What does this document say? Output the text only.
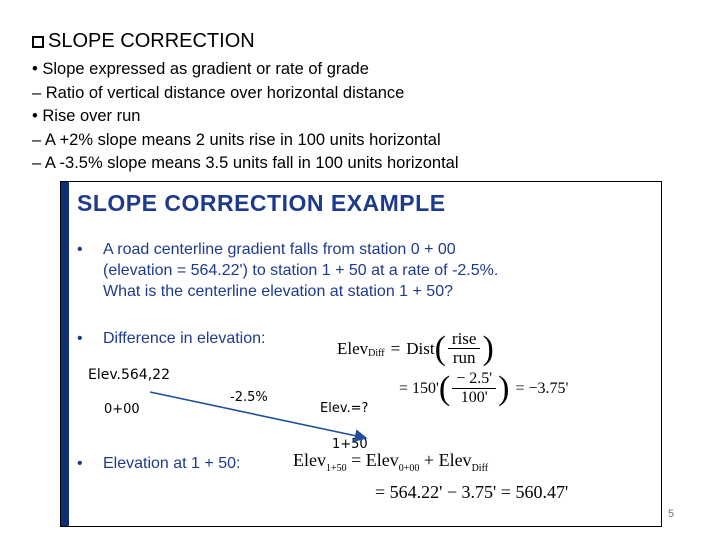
SLOPE CORRECTION
• Slope expressed as gradient or rate of grade
– Ratio of vertical distance over horizontal distance
• Rise over run
– A +2% slope means 2 units rise in 100 units horizontal
– A -3.5% slope means 3.5 units fall in 100 units horizontal
SLOPE CORRECTION EXAMPLE
• A road centerline gradient falls from station 0 + 00
(elevation = 564.22') to station 1 + 50 at a rate of -2.5%.
What is the centerline elevation at station 1 + 50?
• Difference in elevation:	Elev Diff = Dist ( $\frac{\text{rise}}{\text{run}}$ )
= 150' ( $\frac{- 2.5'}{100'}$ ) = −3.75'
• Elevation at 1 + 50:	Elev$_{1+50}$ = Elev$_{0+00}$ + Elev$_{Diff}$
= 564.22' − 3.75' = 560.47'
Elev.564,22
0+00
-2.5%
Elev.=?
1+50
5
